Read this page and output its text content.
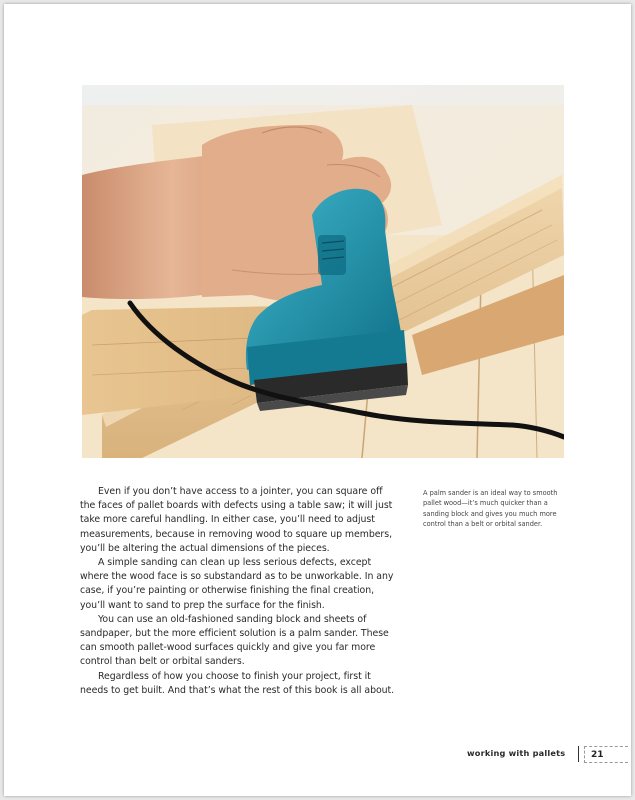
Even if you don’t have access to a jointer, you can square off the faces of pallet boards with defects using a table saw; it will just take more careful handling. In either case, you’ll need to adjust measurements, because in removing wood to square up members, you’ll be altering the actual dimensions of the pieces.

A simple sanding can clean up less serious defects, except where the wood face is so substandard as to be unworkable. In any case, if you’re painting or otherwise finishing the final creation, you’ll want to sand to prep the surface for the finish.

You can use an old-fashioned sanding block and sheets of sandpaper, but the more efficient solution is a palm sander. These can smooth pallet-wood surfaces quickly and give you far more control than belt or orbital sanders.

Regardless of how you choose to finish your project, first it needs to get built. And that’s what the rest of this book is all about.

A palm sander is an ideal way to smooth pallet wood—it’s much quicker than a sanding block and gives you much more control than a belt or orbital sander.

working with pallets	21
